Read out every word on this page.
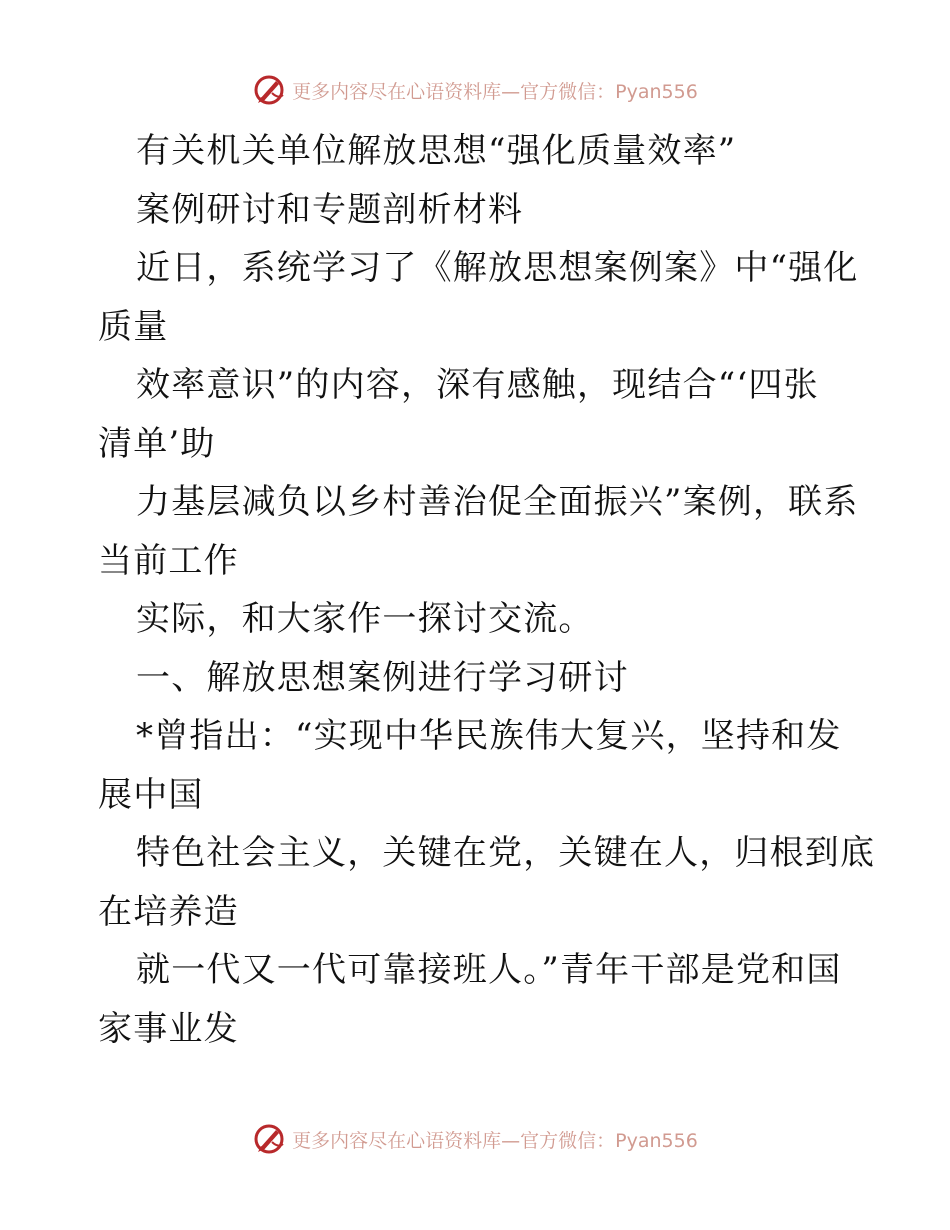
更多内容尽在心语资料库—官方微信：Pyan556
有关机关单位解放思想“强化质量效率”
案例研讨和专题剖析材料
近日，系统学习了《解放思想案例案》中“强化
质量
效率意识”的内容，深有感触，现结合“‘四张
清单’助
力基层减负以乡村善治促全面振兴”案例，联系
当前工作
实际，和大家作一探讨交流。
一、解放思想案例进行学习研讨
*曾指出：“实现中华民族伟大复兴，坚持和发
展中国
特色社会主义，关键在党，关键在人，归根到底
在培养造
就一代又一代可靠接班人。”青年干部是党和国
家事业发
更多内容尽在心语资料库—官方微信：Pyan556
